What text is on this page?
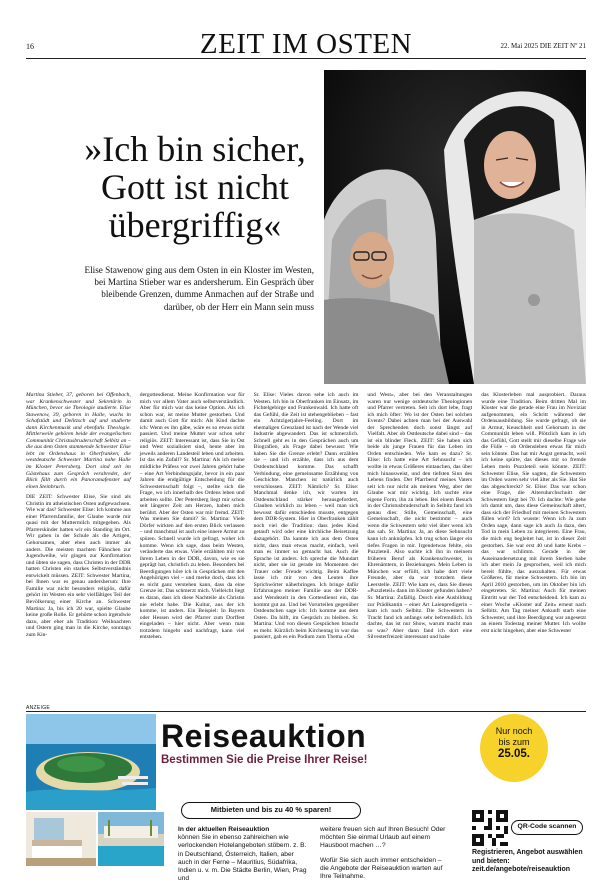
16	ZEIT IM OSTEN	22. Mai 2025 DIE ZEIT Nº 21
»Ich bin sicher, Gott ist nicht übergriffig«
Elise Stawenow ging aus dem Osten in ein Kloster im Westen, bei Martina Stieber war es andersherum. Ein Gespräch über bleibende Grenzen, dumme Anmachen auf der Straße und darüber, ob der Herr ein Mann sein muss	Fotos: M. Ahrens/Die Zeit

Martina Stieber, 37, geboren bei Offenbach, war Krankenschwester und Sekretärin in München, bevor sie Theologie studierte. Elise Stawenow, 39, geboren in Halle, wuchs in Schafstädt und Delitzsch auf und studierte dann Kirchenmusik und ebenfalls Theologie. Mittlerweile gehören beide der evangelischen Communität Christusbruderschaft Selbitz an – die aus dem Osten stammende Schwester Elise lebt im Ordenshaus in Oberfranken, die westdeutsche Schwester Martina nahe Halle im Kloster Petersberg. Dort sind seit im Gästehaus zum Gespräch verabredet, der Blick fällt durch ein Panoramafenster auf einen Steinbruch.

DIE ZEIT: Schwester Elise, Sie sind als Christin im atheistischen Osten aufgewachsen. Wie war das? Schwester Elise: Ich komme aus einer Pfarrersfamilie, der Glaube wurde mir quasi mit der Muttermilch mitgegeben. Als Pfarrerskinder hatten wir ein Standing im Ort. Wir gaben in der Schule als die Artigen, Gehorsamen, aber eben auch immer als anders. Die meisten machten Fähnchen zur Jugendweihe, wir gingen zur Konfirmation und übten sie sagen, dass Christen in der DDR hatten Christen ein starkes Selbstverständnis entwickelt müssen. ZEIT: Schwester Martina, bei Ihnen war es genau andersherum: Ihre Familie war nicht besonders religiös, dafür gehört im Westen ein sehr vielfältiges Teil der Bevölkerung einer Kirche an. Schwester Martina: Ja, bis ich 20 war, spielte Glaube keine große Rolle. Er gehörte schon irgendwie dazu, aber eher als Tradition: Weihnachten und Ostern ging man in die Kirche, sonntags zum Kin-

dergottesdienst. Meine Konfirmation war für mich vor allem Vater auch selbstverständlich. Aber für mich war das keine Option. Als ich schon war, ist meine Mutter gestorben. Und damit auch Gott für mich: Als Kind dachte ich: Wenn es ihn gäbe, wäre es so etwas nicht passiert. Und meine Mutter war schon sehr religiös. ZEIT: Interessant ist, dass Sie in Ost und West sozialisiert sind, heute aber im jeweils anderen Landesteil leben und arbeiten. Ist das ein Zufall? Sr. Martina: Als ich meine mildliche Präfess vor zwei Jahren gehört habe – eine Art Verbindungsjahr, bevor in ein paar Jahren die endgültige Entscheidung für die Schwesternschaft folgt –, stellte sich die Frage, wo ich innerhalb des Ordens leben und arbeiten sollte. Der Petersberg liegt mir schon seit längerer Zeit am Herzen, haben mich berührt. Aber der Osten war mir fremd. ZEIT: Was meinen Sie damit? Sr. Martina: Viele Dörfer wirkten auf den ersten Blick verlassen – und manchmal ist auch eine innere Armut zu spüren. Schnell wurde ich gefragt, woher ich komme. Wenn ich sage, dass beim Westen, veränderte das etwas. Viele erzählten mir von ihrem Leben in der DDR, davon, wie es sie geprägt hat, christlich zu leben. Besonders bei Beerdigungen höre ich in Gesprächen mit den Angehörigen viel – und merke doch, dass ich es nicht ganz verstehen kann, dass da eine Grenze ist. Das schmerzt mich. Vielleicht liegt es daran, dass ich diese Nachteile als Christin nie erlebt habe. Die Kultur, aus der ich komme, ist anders. Ein Beispiel: In Bayern oder Hessen wird der Pfarrer zum Dorffest eingeladen – hier nicht. Aber wenn man trotzdem hingeht und nachfragt, kann viel entstehen.

Sr. Elise: Vieles davon sehe ich auch im Westen. Ich bin in Oberfranken im Einsatz, im Fichtelgebirge und Frankenwald. Ich hatte oft das Gefühl, die Zeit ist stehengeblieben – fast ein Achtzigerjahre-Feeling. Dort im ehemaligen Grenzland ist nach der Wende viel Industrie abgewandert. Das ist schmerzlich. Schnell geht es in den Gesprächen auch um Biografien, als Frage dabei bewusst: Wie haben Sie die Grenze erlebt? Dann erzählen sie – und ich erzähle, dass ich aus dem Ostdeutschland komme. Das schafft Verbindung, eine gemeinsame Erzählung von Geschichte. Manchen ist natürlich auch verschlossen. ZEIT: Nämlich? Sr. Elise: Manchmal denke ich, wir warten im Ostdeutschland stärker herausgefordert, Glauben wirklich zu leben – weil man sich bewusst dafür entschieden musste, entgegen dem DDR-System. Hier in Oberfranken zählt noch viel die Tradition: dass jedes Kind getauft wird oder eine kirchliche Beisetzung dazugehört. Da kannte ich aus dem Osten nicht, dass man etwas macht, einfach, weil man es immer so gemacht hat. Auch die Sprache ist anders. Ich spreche die Mundart nicht, aber sie ist gerade im Momenten der Trauer oder Freude wichtig. Beim Kaffee lasse ich mir von den Leuten ihre Sprichwörter näherbringen. Ich bringe dafür Erfahrungen meiner Familie aus der DDR- und Wendezeit in den Gottesdienst ein, das kommt gut an. Und bei Vorurteilen gegenüber Ostdeutschen sage ich: Ich komme aus dem Osten. Da hilft, im Gespräch zu bleiben. Sr. Martina: Und von diesen Gesprächen braucht es mehr. Kürzlich beim Kirchentag in war das passiert, gab es ein Podium zum Thema »Ost

und West«, aber bei den Veranstaltungen waren nur wenige ostdeutsche Theologinnen und Pfarrer vertreten. Seit ich dort lebe, fragt ich mich öfter: Wo ist der Osten bei solchen Events? Dabei achten man bei der Auswahl der Sprechenden doch sonst längst auf Vielfalt. Aber ob Ostdeutsche dabei sind – das ist ein blinder Fleck. ZEIT: Sie haben sich beide als junge Frauen für das Leben im Orden entschieden. Wie kam es dazu? Sr. Elise: Ich hatte eine Art Sehnsucht – ich wollte in etwas Größeres eintauchen, das über mich hinausweist, und den tiefsten Sinn des Lebens finden. Der Pfarrberuf meines Vaters seit ich nur nicht als meinen Weg, aber der Glaube war mir wichtig. Ich suchte eine eigene Form, ihn zu leben. Bei einem Besuch in der Christusbruderschaft in Selbitz fand ich genau dies: Stille, Gemeinschaft, eine Gemeinschaft, die nicht bestimmt – auch wenn die Schwestern sehr viel über wenn ich das sah. Sr. Martina: Ja, an diese Sehnsucht kann ich anknüpfen. Ich trug schon länger ein tiefes Fragen in mir. Irgendetwas fehlte, ein Puzzleteil. Also suchte ich ihn in meinem früheren Beruf als Krankenschwester, in Ehrenämtern, in Beziehungen. Mein Leben in München war erfüllt, ich habe dort viele Freunde, aber da war trotzdem diese Leerstelle. ZEIT: Wie kam es, dass Sie dieses »Puzzleteil« dann im Kloster gefunden haben? Sr. Martina: Zufällig. Durch eine Ausbildung zur Prädikantin – einer Art Laienpredigerin – kam ich nach Selbitz. Die Schwestern in Tracht fand ich anfangs sehr befremdlich. Ich dachte, das ist nur Show, warum macht man so was? Aber dann fand ich dort eine Silvesterfreizeit interessant und habe

das Klosterleben mal ausprobiert. Daraus wurde eine Tradition. Beim dritten Mal im Kloster war die gerade eine Frau im Noviziat aufgenommen, ein Schritt während der Ordensausbildung. Sie wurde gefragt, ob sie in Armut, Keuschheit und Gehorsam in der Communität leben will. Plötzlich kam in ich das Gefühl, Gott stellt mir dieselbe Frage wie die Fülle – ob Ordensleben etwas für mich sein könnte. Das hat mir Angst gemacht, weil ich keine spürte, das dieses mir so fremde Leben mein Puzzleteil sein könnte. ZEIT: Schwester Elise, Sie sagten, die Schwestern im Orden waren sehr viel älter als Sie. Hat Sie das abgeschreckt? Sr. Elise: Das war schon eine Frage, die Altersdurchschnitt der Schwestern liegt bei 70. Ich dachte: Wie gehe ich damit um, dass diese Gemeinschaft altert, dass sich der Friedhof mit meinen Schwestern füllen wird? Ich wusste: Wenn ich Ja zum Orden sage, dann sage ich auch Ja dazu, den Tod in mein Leben zu integrieren. Eine Frau, die mich eng begleitet hat, ist in dieser Zeit gestorben. Sie war erst 40 und hatte Krebs – das war schlimm. Gerade in der Auseinandersetzung mit ihrem Sterben habe ich aber mein Ja gesprochen, weil ich mich bereit fühlte, das auszuhalten. Für etwas Größeres, für meine Schwestern. Ich bin im April 2010 gestorben, um im Oktober bin ich eingetreten. Sr. Martina: Auch für meinen Eintritt war der Tod entscheidend. Ich kam zu einer Woche »Kloster auf Zeit« erneut nach Selbitz. Am Tag meiner Ankunft starb eine Schwester, und ihre Beerdigung war angesetzt an einem Todestag meiner Mutter. Ich wollte erst nicht hingehen, aber eine Schwester

ANZEIGE
Reiseauktion
Bestimmen Sie die Preise Ihrer Reise!
Nur noch
bis zum
25.05.
Mitbieten und bis zu 40 % sparen!
In der aktuellen Reiseauktion
können Sie in ebenso zahlreichen wie verlockenden Hotelangeboten stöbern. z. B. in Deutschland, Österreich, Italien, aber auch in der Ferne – Mauritius, Südafrika, Indien u. v. m. Die Städte Berlin, Wien, Prag und

weitere freuen sich auf Ihren Besuch! Oder möchten Sie einmal Urlaub auf einem Hausboot machen …?

Wofür Sie sich auch immer entscheiden – die Angebote der Reiseauktion warten auf Ihre Teilnahme.

QR-Code scannen
Registrieren, Angebot auswählen und bieten: zeit.de/angebote/reiseauktion
